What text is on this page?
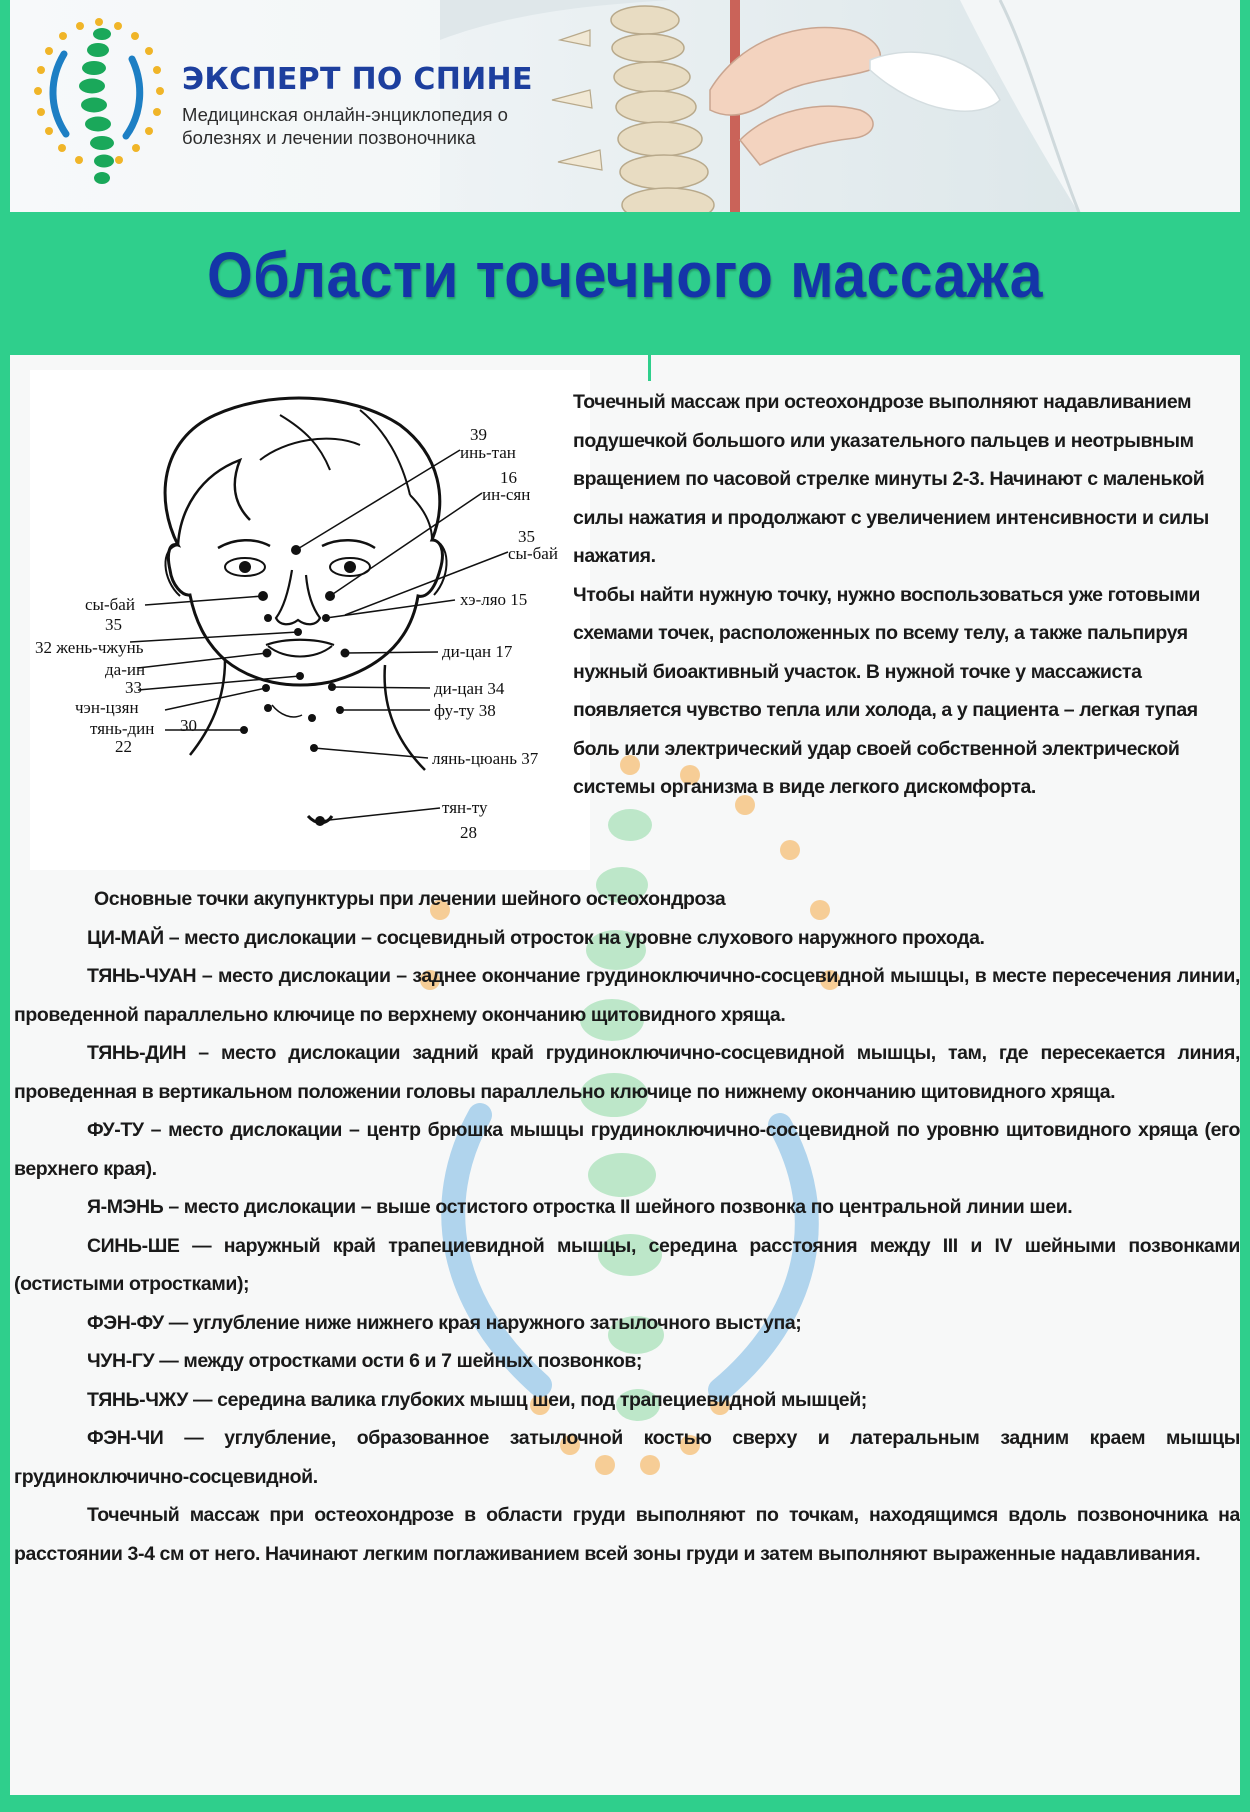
ЭКСПЕРТ ПО СПИНЕ
Медицинская онлайн-энциклопедия о болезнях и лечении позвоночника
Области точечного массажа
39
инь-тан
16
ин-сян
35
сы-бай
сы-бай
35
хэ-ляо 15
32 жень-чжунь	ди-цан 17
да-ин
33	ди-цан 34
чэн-цзян
30
фу-ту 38
тянь-дин
22
лянь-цюань 37
тян-ту
28

Точечный массаж при остеохондрозе выполняют надавливанием подушечкой большого или указательного пальцев и неотрывным вращением по часовой стрелке минуты 2-3. Начинают с маленькой силы нажатия и продолжают с увеличением интенсивности и силы нажатия.

Чтобы найти нужную точку, нужно воспользоваться уже готовыми схемами точек, расположенных по всему телу, а также пальпируя нужный биоактивный участок. В нужной точке у массажиста появляется чувство тепла или холода, а у пациента – легкая тупая боль или электрический удар своей собственной электрической системы организма в виде легкого дискомфорта.

Основные точки акупунктуры при лечении шейного остеохондроза

ЦИ-МАЙ – место дислокации – сосцевидный отросток на уровне слухового наружного прохода.

ТЯНЬ-ЧУАН – место дислокации – заднее окончание грудиноключично-сосцевидной мышцы, в месте пересечения линии, проведенной параллельно ключице по верхнему окончанию щитовидного хряща.

ТЯНЬ-ДИН – место дислокации задний край грудиноключично-сосцевидной мышцы, там, где пересекается линия, проведенная в вертикальном положении головы параллельно ключице по нижнему окончанию щитовидного хряща.

ФУ-ТУ – место дислокации – центр брюшка мышцы грудиноключично-сосцевидной по уровню щитовидного хряща (его верхнего края).

Я-МЭНЬ – место дислокации – выше остистого отростка II шейного позвонка по центральной линии шеи.

СИНЬ-ШЕ — наружный край трапециевидной мышцы, середина расстояния между III и IV шейными позвонками (остистыми отростками);

ФЭН-ФУ — углубление ниже нижнего края наружного затылочного выступа;

ЧУН-ГУ — между отростками ости 6 и 7 шейных позвонков;

ТЯНЬ-ЧЖУ — середина валика глубоких мышц шеи, под трапециевидной мышцей;

ФЭН-ЧИ — углубление, образованное затылочной костью сверху и латеральным задним краем мышцы грудиноключично-сосцевидной.

Точечный массаж при остеохондрозе в области груди выполняют по точкам, находящимся вдоль позвоночника на расстоянии 3-4 см от него. Начинают легким поглаживанием всей зоны груди и затем выполняют выраженные надавливания.
